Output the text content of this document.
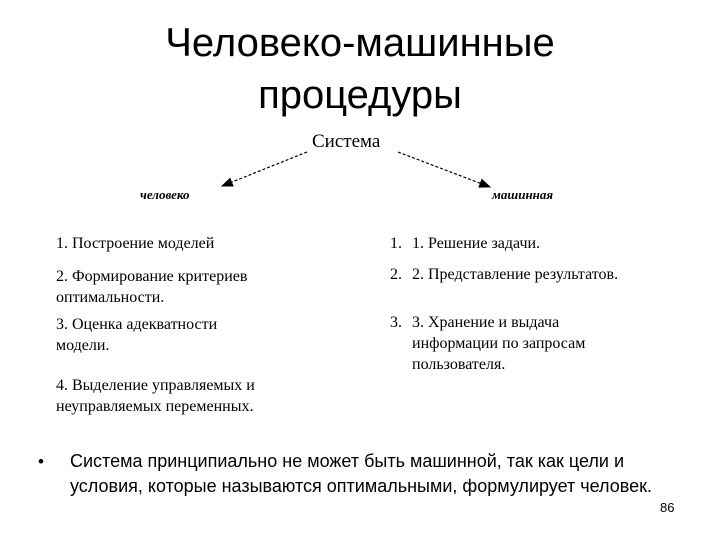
Человеко-машинные
процедуры
Система
человеко	машинная
1. Построение моделей
2. Формирование критериев
оптимальности.
3. Оценка адекватности
модели.
4. Выделение управляемых и
неуправляемых переменных.
1. 1. Решение задачи.
2. 2. Представление результатов.
3. 3. Хранение и выдача
информации по запросам
пользователя.
• Система принципиально не может быть машинной, так как цели и условия, которые называются оптимальными, формулирует человек.
86
